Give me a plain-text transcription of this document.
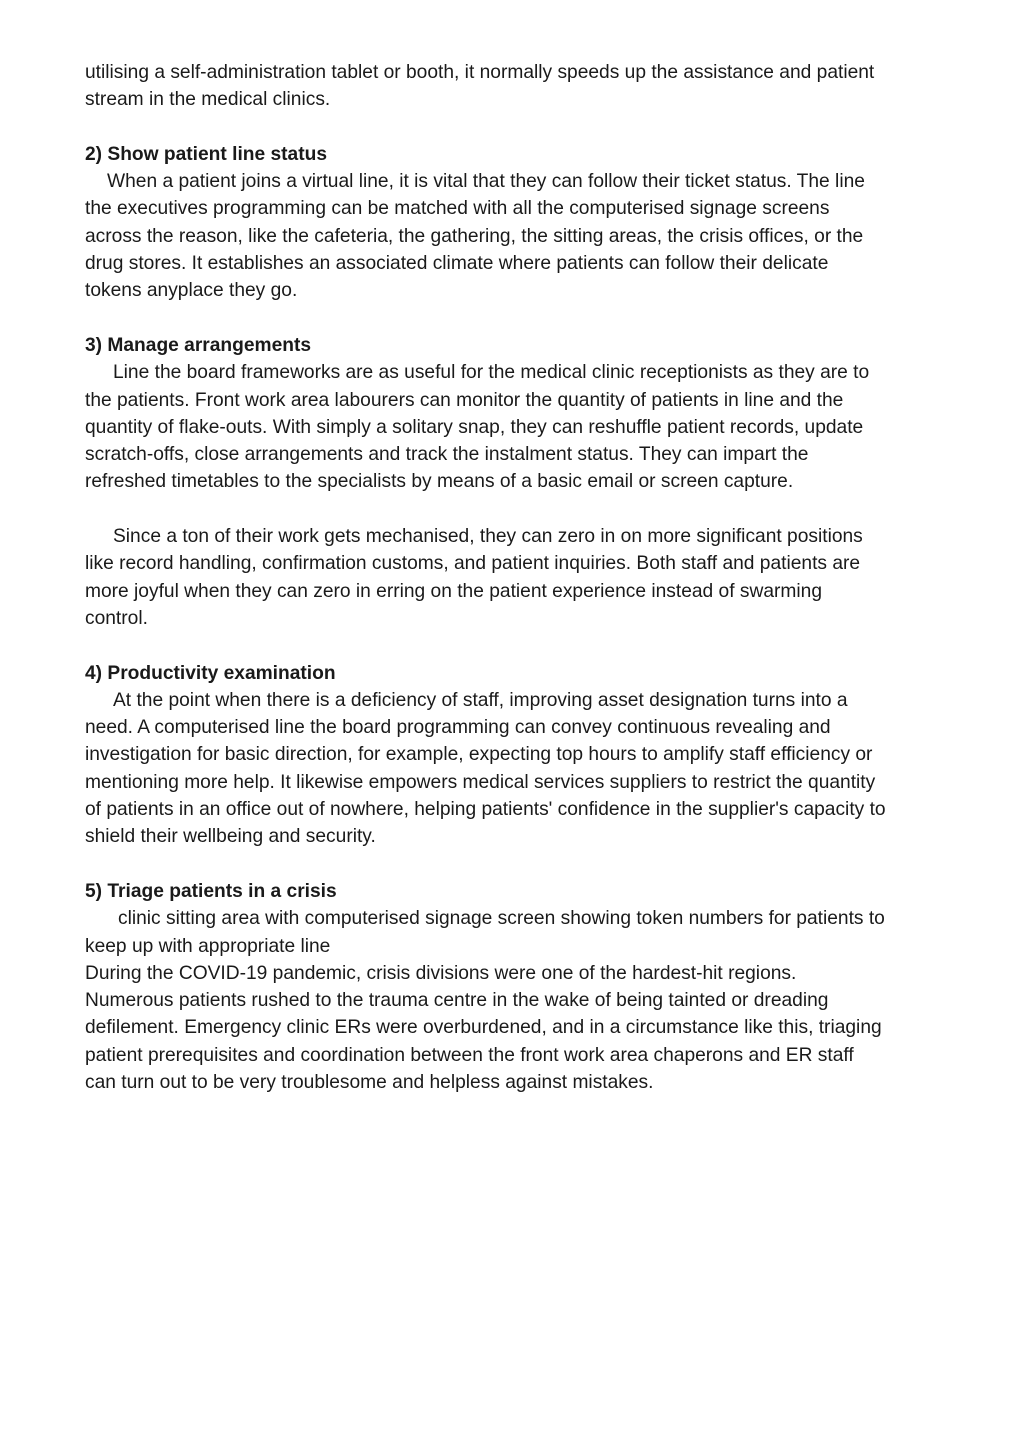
utilising a self-administration tablet or booth, it normally speeds up the assistance and patient
stream in the medical clinics.

2) Show patient line status

When a patient joins a virtual line, it is vital that they can follow their ticket status. The line
the executives programming can be matched with all the computerised signage screens
across the reason, like the cafeteria, the gathering, the sitting areas, the crisis offices, or the
drug stores. It establishes an associated climate where patients can follow their delicate
tokens anyplace they go.

3) Manage arrangements

Line the board frameworks are as useful for the medical clinic receptionists as they are to
the patients. Front work area labourers can monitor the quantity of patients in line and the
quantity of flake-outs. With simply a solitary snap, they can reshuffle patient records, update
scratch-offs, close arrangements and track the instalment status. They can impart the
refreshed timetables to the specialists by means of a basic email or screen capture.

Since a ton of their work gets mechanised, they can zero in on more significant positions
like record handling, confirmation customs, and patient inquiries. Both staff and patients are
more joyful when they can zero in erring on the patient experience instead of swarming
control.

4) Productivity examination

At the point when there is a deficiency of staff, improving asset designation turns into a
need. A computerised line the board programming can convey continuous revealing and
investigation for basic direction, for example, expecting top hours to amplify staff efficiency or
mentioning more help. It likewise empowers medical services suppliers to restrict the quantity
of patients in an office out of nowhere, helping patients' confidence in the supplier's capacity to
shield their wellbeing and security.

5) Triage patients in a crisis

clinic sitting area with computerised signage screen showing token numbers for patients to
keep up with appropriate line
During the COVID-19 pandemic, crisis divisions were one of the hardest-hit regions.
Numerous patients rushed to the trauma centre in the wake of being tainted or dreading
defilement. Emergency clinic ERs were overburdened, and in a circumstance like this, triaging
patient prerequisites and coordination between the front work area chaperons and ER staff
can turn out to be very troublesome and helpless against mistakes.
